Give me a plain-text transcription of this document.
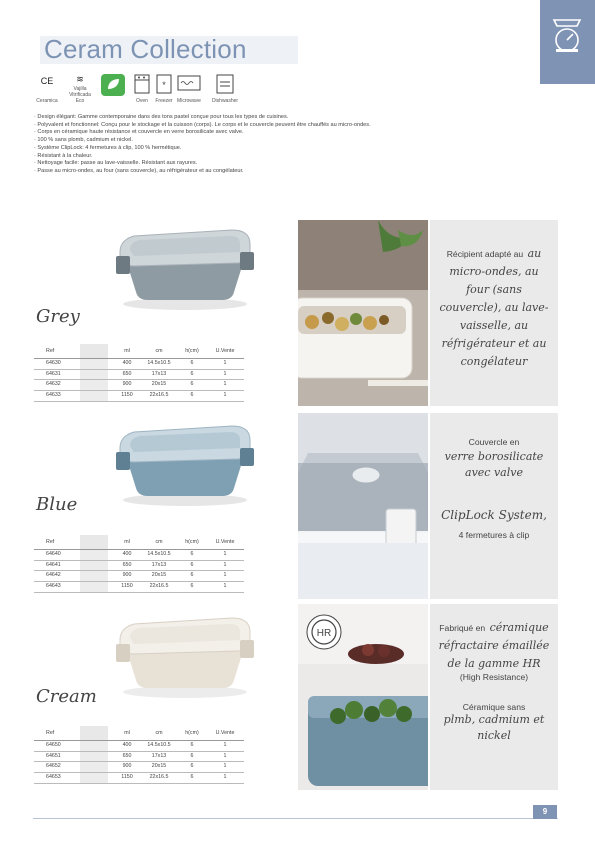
Ceram Collection
CE
Ceramica
≋
Vajilla Vitrificada Eco	BPA Free	Oven
*
Freezer Microwave	Dishwasher
· Design élégant: Gamme contemporaine dans des tons pastel conçue pour tous les types de cuisines.
· Polyvalent et fonctionnel: Conçu pour le stockage et la cuisson (corps). Le corps et le couvercle peuvent être chauffés au micro-ondes.
· Corps en céramique haute résistance et couvercle en verre borosilicate avec valve.
· 100 % sans plomb, cadmium et nickel.
· Système ClipLock: 4 fermetures à clip, 100 % hermétique.
· Résistant à la chaleur.
· Nettoyage facile: passe au lave-vaisselle. Résistant aux rayures.
· Passe au micro-ondes, au four (sans couvercle), au réfrigérateur et au congélateur.
Grey
Ref	ml	cm	h(cm)	U.Vente
64630	400	14.5x10.5	6	1
64631	650	17x13	6	1
64632	900	20x15	6	1
64633	1150	22x16.5	6	1
Blue
Ref	ml	cm	h(cm)	U.Vente
64640	400	14.5x10.5	6	1
64641	650	17x13	6	1
64642	900	20x15	6	1
64643	1150	22x16.5	6	1
Cream
Ref	ml	cm	h(cm)	U.Vente
64650	400	14.5x10.5	6	1
64651	650	17x13	6	1
64652	900	20x15	6	1
64653	1150	22x16.5	6	1
HR
Récipient adapté au au micro-ondes, au four (sans couvercle), au lave-vaisselle, au réfrigérateur et au congélateur
Couvercle en
verre borosilicate avec valve
ClipLock System,
4 fermetures à clip
Fabriqué en céramique réfractaire émaillée de la gamme HR
(High Resistance)
Céramique sans
plmb, cadmium et nickel
9
